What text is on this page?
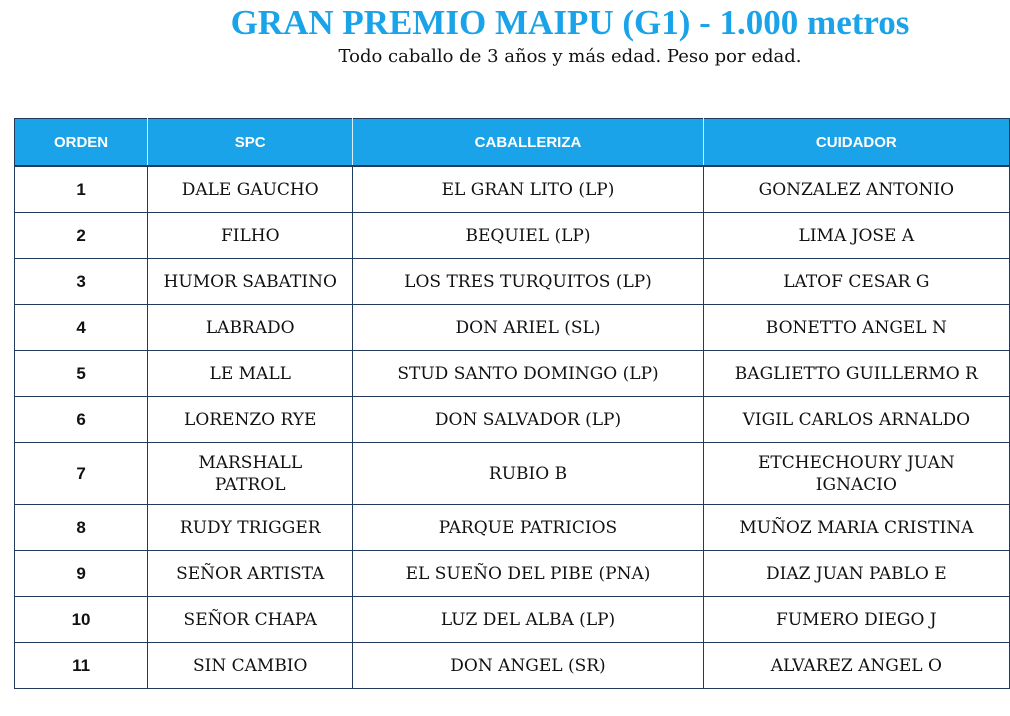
GRAN PREMIO MAIPU (G1) - 1.000 metros

Todo caballo de 3 años y más edad. Peso por edad.

ORDEN	SPC	CABALLERIZA	CUIDADOR
1	DALE GAUCHO	EL GRAN LITO (LP)	GONZALEZ ANTONIO
2	FILHO	BEQUIEL (LP)	LIMA JOSE A
3	HUMOR SABATINO	LOS TRES TURQUITOS (LP)	LATOF CESAR G
4	LABRADO	DON ARIEL (SL)	BONETTO ANGEL N
5	LE MALL	STUD SANTO DOMINGO (LP)	BAGLIETTO GUILLERMO R
6	LORENZO RYE	DON SALVADOR (LP)	VIGIL CARLOS ARNALDO
7	MARSHALL PATROL	RUBIO B	ETCHECHOURY JUAN IGNACIO
8	RUDY TRIGGER	PARQUE PATRICIOS	MUÑOZ MARIA CRISTINA
9	SEÑOR ARTISTA	EL SUEÑO DEL PIBE (PNA)	DIAZ JUAN PABLO E
10	SEÑOR CHAPA	LUZ DEL ALBA (LP)	FUMERO DIEGO J
11	SIN CAMBIO	DON ANGEL (SR)	ALVAREZ ANGEL O
